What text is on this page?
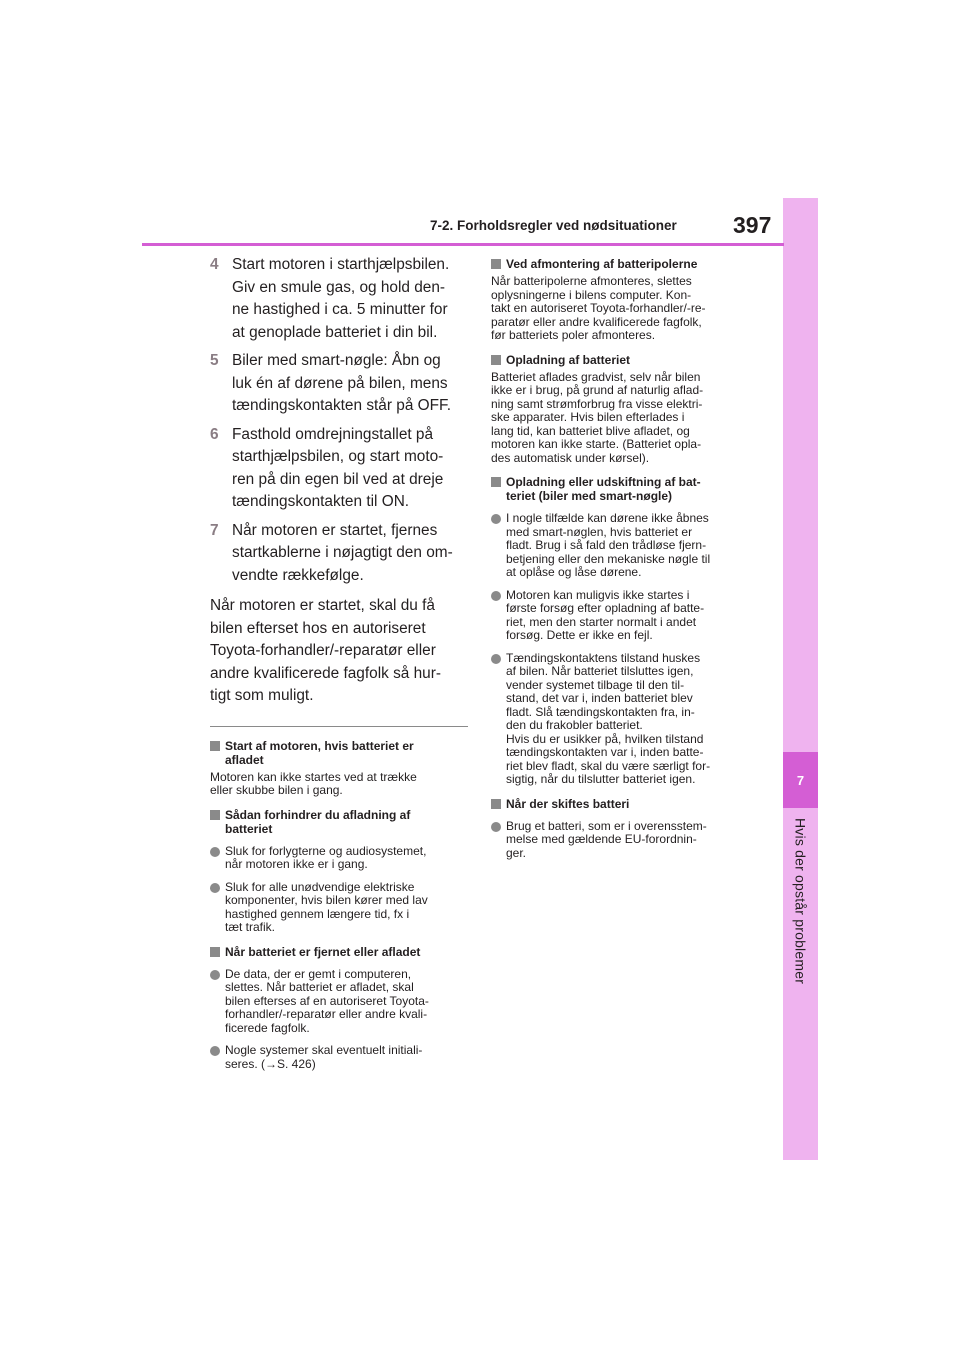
7
Hvis der opstår problemer
7-2. Forholdsregler ved nødsituationer 397
4 Start motoren i starthjælpsbilen.
Giv en smule gas, og hold den-
ne hastighed i ca. 5 minutter for
at genoplade batteriet i din bil.
5 Biler med smart-nøgle: Åbn og
luk én af dørene på bilen, mens
tændingskontakten står på OFF.
6 Fasthold omdrejningstallet på
starthjælpsbilen, og start moto-
ren på din egen bil ved at dreje
tændingskontakten til ON.
7 Når motoren er startet, fjernes
startkablerne i nøjagtigt den om-
vendte rækkefølge.
Når motoren er startet, skal du få
bilen efterset hos en autoriseret
Toyota-forhandler/-reparatør eller
andre kvalificerede fagfolk så hur-
tigt som muligt.
Start af motoren, hvis batteriet er
afladet
Motoren kan ikke startes ved at trække
eller skubbe bilen i gang.
Sådan forhindrer du afladning af
batteriet
Sluk for forlygterne og audiosystemet,
når motoren ikke er i gang.
Sluk for alle unødvendige elektriske
komponenter, hvis bilen kører med lav
hastighed gennem længere tid, fx i
tæt trafik.
Når batteriet er fjernet eller afladet
De data, der er gemt i computeren,
slettes. Når batteriet er afladet, skal
bilen efterses af en autoriseret Toyota-
forhandler/-reparatør eller andre kvali-
ficerede fagfolk.
Nogle systemer skal eventuelt initiali-
seres. (→S. 426)
Ved afmontering af batteripolerne
Når batteripolerne afmonteres, slettes
oplysningerne i bilens computer. Kon-
takt en autoriseret Toyota-forhandler/-re-
paratør eller andre kvalificerede fagfolk,
før batteriets poler afmonteres.
Opladning af batteriet
Batteriet aflades gradvist, selv når bilen
ikke er i brug, på grund af naturlig aflad-
ning samt strømforbrug fra visse elektri-
ske apparater. Hvis bilen efterlades i
lang tid, kan batteriet blive afladet, og
motoren kan ikke starte. (Batteriet opla-
des automatisk under kørsel).
Opladning eller udskiftning af bat-
teriet (biler med smart-nøgle)
I nogle tilfælde kan dørene ikke åbnes
med smart-nøglen, hvis batteriet er
fladt. Brug i så fald den trådløse fjern-
betjening eller den mekaniske nøgle til
at oplåse og låse dørene.
Motoren kan muligvis ikke startes i
første forsøg efter opladning af batte-
riet, men den starter normalt i andet
forsøg. Dette er ikke en fejl.
Tændingskontaktens tilstand huskes
af bilen. Når batteriet tilsluttes igen,
vender systemet tilbage til den til-
stand, det var i, inden batteriet blev
fladt. Slå tændingskontakten fra, in-
den du frakobler batteriet.
Hvis du er usikker på, hvilken tilstand
tændingskontakten var i, inden batte-
riet blev fladt, skal du være særligt for-
sigtig, når du tilslutter batteriet igen.
Når der skiftes batteri
Brug et batteri, som er i overensstem-
melse med gældende EU-forordnin-
ger.
